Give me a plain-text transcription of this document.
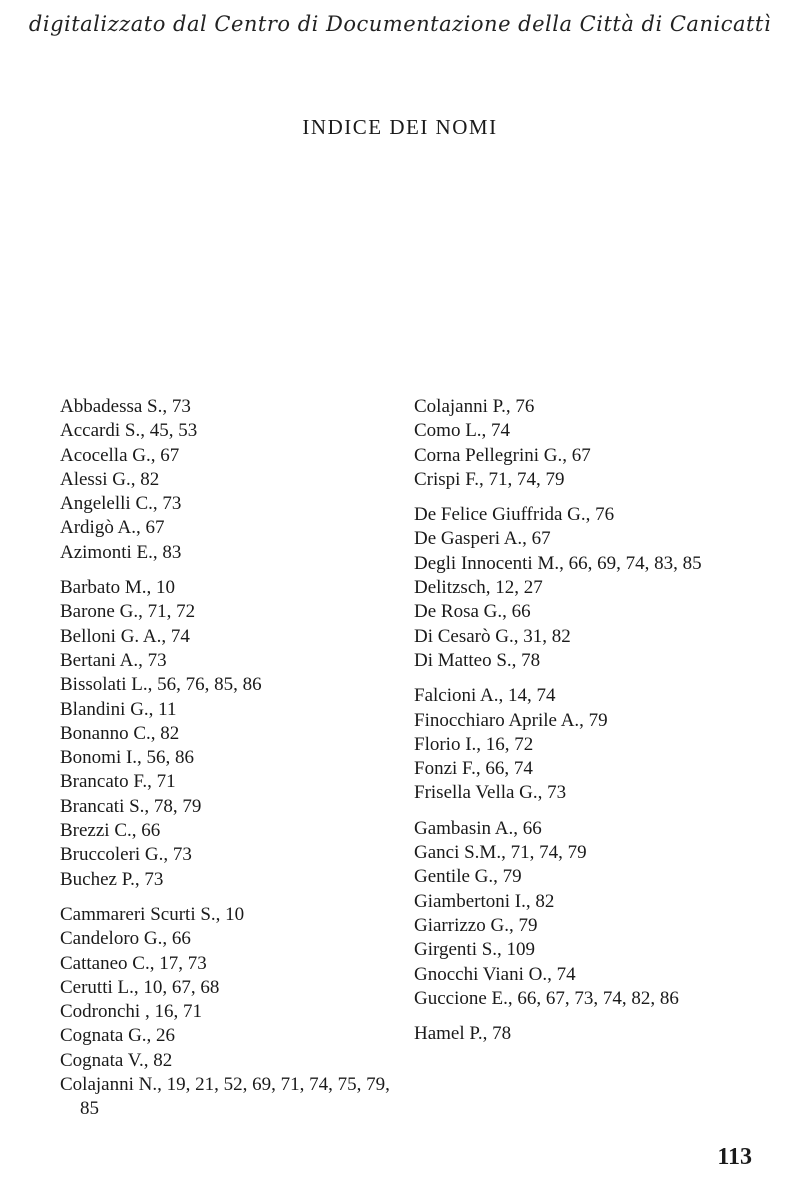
digitalizzato dal Centro di Documentazione della Città di Canicattì
INDICE DEI NOMI
Abbadessa S., 73
Accardi S., 45, 53
Acocella G., 67
Alessi G., 82
Angelelli C., 73
Ardigò A., 67
Azimonti E., 83
Barbato M., 10
Barone G., 71, 72
Belloni G. A., 74
Bertani A., 73
Bissolati L., 56, 76, 85, 86
Blandini G., 11
Bonanno C., 82
Bonomi I., 56, 86
Brancato F., 71
Brancati S., 78, 79
Brezzi C., 66
Bruccoleri G., 73
Buchez P., 73
Cammareri Scurti S., 10
Candeloro G., 66
Cattaneo C., 17, 73
Cerutti L., 10, 67, 68
Codronchi , 16, 71
Cognata G., 26
Cognata V., 82
Colajanni N., 19, 21, 52, 69, 71, 74, 75, 79, 85
Colajanni P., 76
Como L., 74
Corna Pellegrini G., 67
Crispi F., 71, 74, 79
De Felice Giuffrida G., 76
De Gasperi A., 67
Degli Innocenti M., 66, 69, 74, 83, 85
Delitzsch, 12, 27
De Rosa G., 66
Di Cesarò G., 31, 82
Di Matteo S., 78
Falcioni A., 14, 74
Finocchiaro Aprile A., 79
Florio I., 16, 72
Fonzi F., 66, 74
Frisella Vella G., 73
Gambasin A., 66
Ganci S.M., 71, 74, 79
Gentile G., 79
Giambertoni I., 82
Giarrizzo G., 79
Girgenti S., 109
Gnocchi Viani O., 74
Guccione E., 66, 67, 73, 74, 82, 86
Hamel P., 78
113
